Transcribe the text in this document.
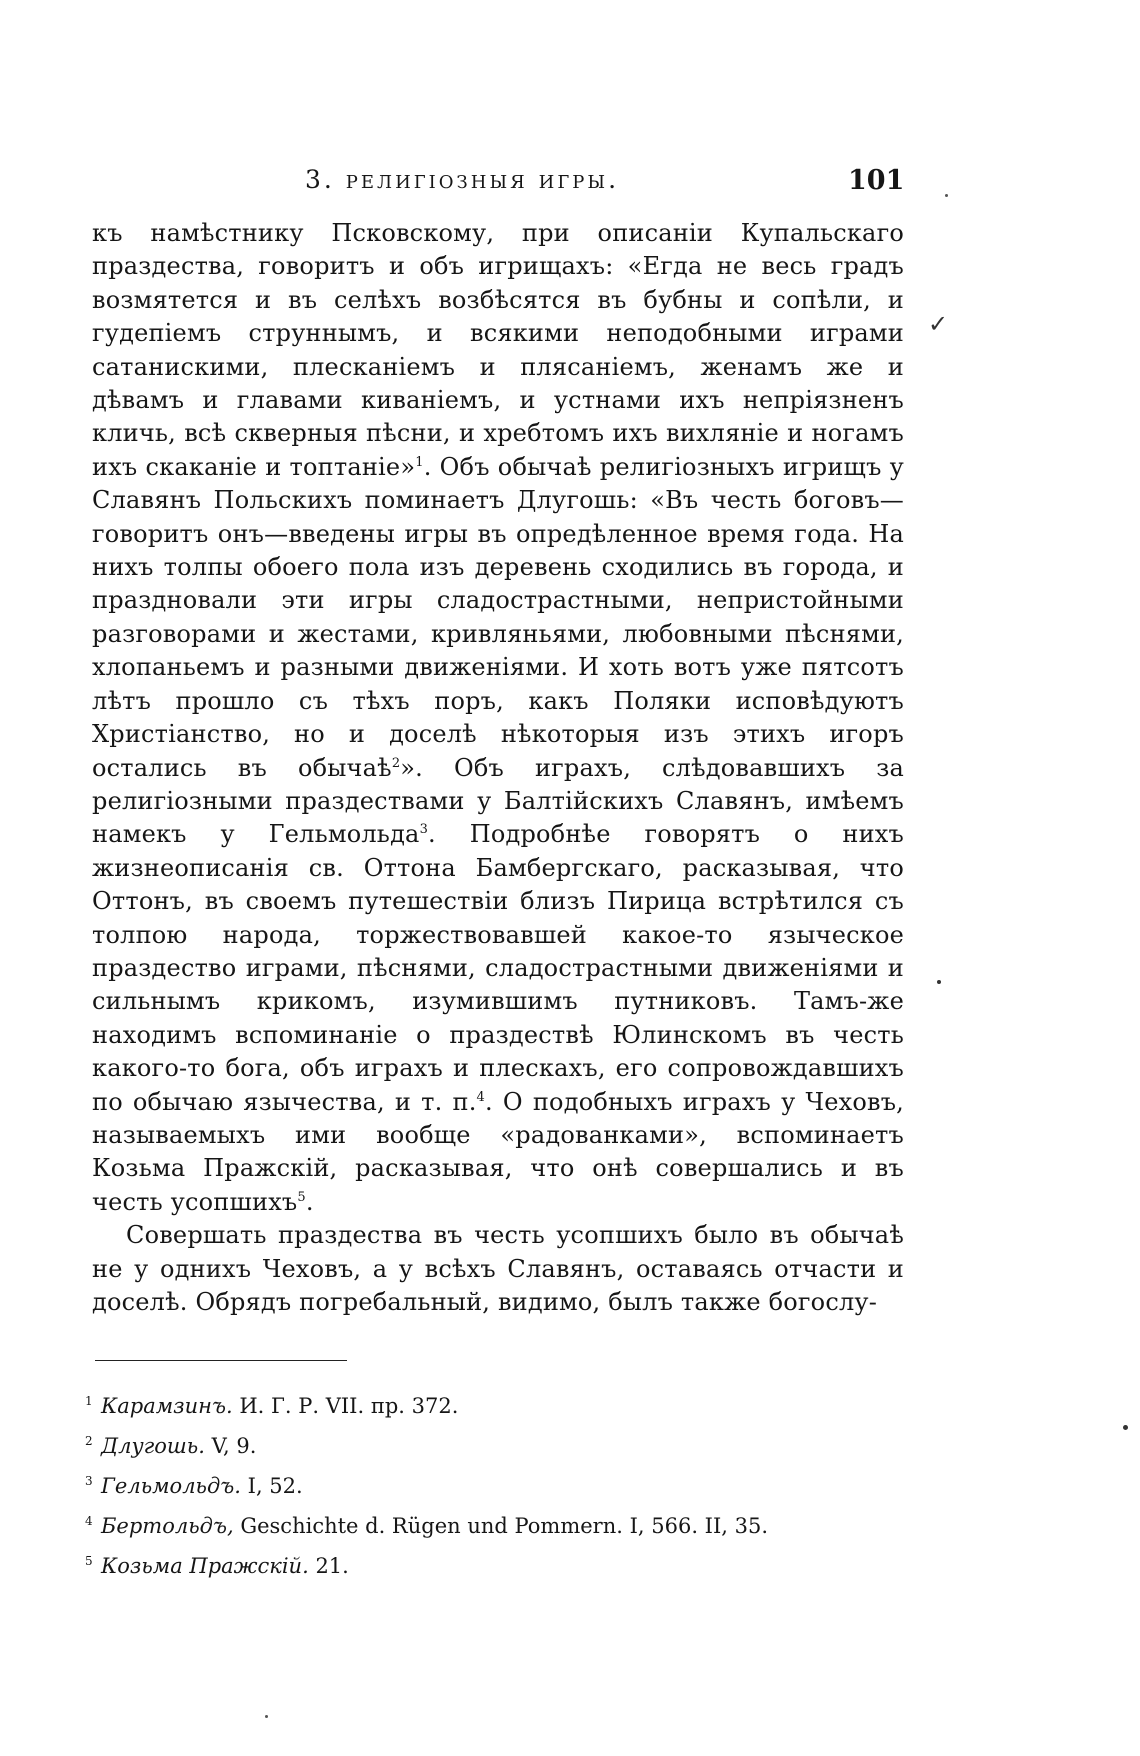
3. религіозныя игры.	101

къ намѣстнику Псковскому, при описаніи Купальскаго праздества, говоритъ и объ игрищахъ: «Егда не весь градъ возмятется и въ селѣхъ возбѣсятся въ бубны и сопѣли, и гудепіемъ струннымъ, и всякими неподобными играми сатанискими, плесканіемъ и плясаніемъ, женамъ же и дѣвамъ и главами киваніемъ, и устнами ихъ непріязненъ кличь, всѣ скверныя пѣсни, и хребтомъ ихъ вихляніе и ногамъ ихъ скаканіе и топтаніе»$^1$. Объ обычаѣ религіозныхъ игрищъ у Славянъ Польскихъ поминаетъ Длугошь: «Въ честь боговъ—говоритъ онъ—введены игры въ опредѣленное время года. На нихъ толпы обоего пола изъ деревень сходились въ города, и праздновали эти игры сладострастными, непристойными разговорами и жестами, кривляньями, любовными пѣснями, хлопаньемъ и разными движеніями. И хоть вотъ уже пятсотъ лѣтъ прошло съ тѣхъ поръ, какъ Поляки исповѣдуютъ Христіанство, но и доселѣ нѣкоторыя изъ этихъ игоръ остались въ обычаѣ$^2$». Объ играхъ, слѣдовавшихъ за религіозными праздествами у Балтійскихъ Славянъ, имѣемъ намекъ у Гельмольда$^3$. Подробнѣе говорятъ о нихъ жизнеописанія св. Оттона Бамбергскаго, расказывая, что Оттонъ, въ своемъ путешествіи близъ Пирица встрѣтился съ толпою народа, торжествовавшей какое-то языческое праздество играми, пѣснями, сладострастными движеніями и сильнымъ крикомъ, изумившимъ путниковъ. Тамъ-же находимъ вспоминаніе о праздествѣ Юлинскомъ въ честь какого-то бога, объ играхъ и плескахъ, его сопровождавшихъ по обычаю язычества, и т. п.$^4$. О подобныхъ играхъ у Чеховъ, называемыхъ ими вообще «радованками», вспоминаетъ Козьма Пражскій, расказывая, что онѣ совершались и въ честь усопшихъ$^5$.

Совершать праздества въ честь усопшихъ было въ обычаѣ не у однихъ Чеховъ, а у всѣхъ Славянъ, оставаясь отчасти и доселѣ. Обрядъ погребальный, видимо, былъ также богослу-

✓
1 Карамзинъ. И. Г. Р. VII. пр. 372.
2 Длугошь. V, 9.
3 Гельмольдъ. I, 52.
4 Бертольдъ, Geschichte d. Rügen und Pommern. I, 566. II, 35.
5 Козьма Пражскій. 21.
